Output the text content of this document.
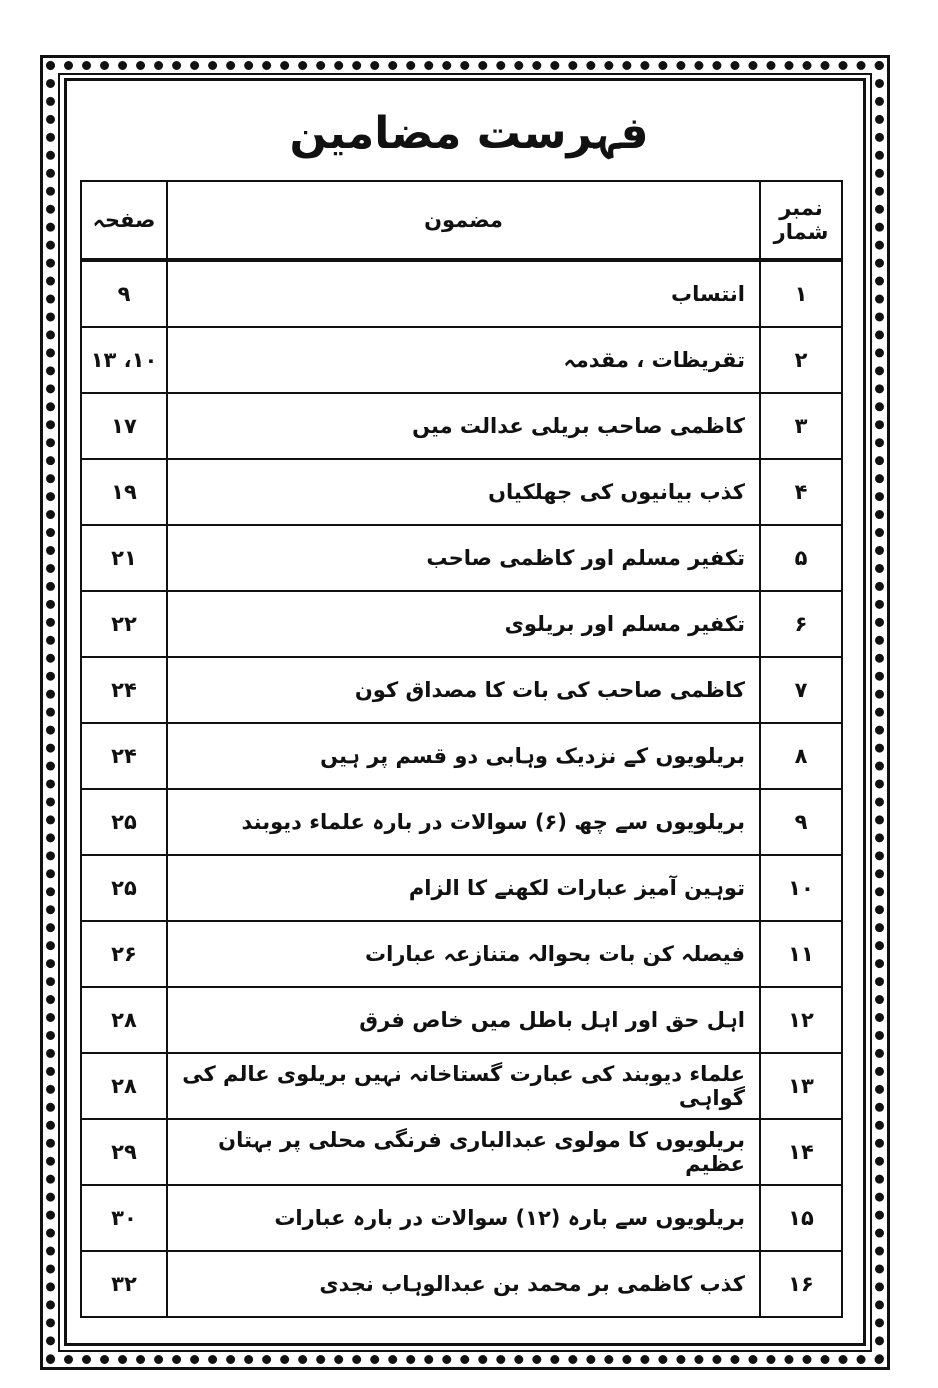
فہرست مضامین
نمبر شمار	مضمون	صفحہ
۱	انتساب	۹
۲	تقریظات ، مقدمہ	۱۰، ۱۳
۳	کاظمی صاحب بریلی عدالت میں	۱۷
۴	کذب بیانیوں کی جھلکیاں	۱۹
۵	تکفیر مسلم اور کاظمی صاحب	۲۱
۶	تکفیر مسلم اور بریلوی	۲۲
۷	کاظمی صاحب کی بات کا مصداق کون	۲۴
۸	بریلویوں کے نزدیک وہابی دو قسم پر ہیں	۲۴
۹	بریلویوں سے چھ (۶) سوالات در بارہ علماء دیوبند	۲۵
۱۰	توہین آمیز عبارات لکھنے کا الزام	۲۵
۱۱	فیصلہ کن بات بحوالہ متنازعہ عبارات	۲۶
۱۲	اہل حق اور اہل باطل میں خاص فرق	۲۸
۱۳	علماء دیوبند کی عبارت گستاخانہ نہیں بریلوی عالم کی گواہی	۲۸
۱۴	بریلویوں کا مولوی عبدالباری فرنگی محلی پر بہتان عظیم	۲۹
۱۵	بریلویوں سے بارہ (۱۲) سوالات در بارہ عبارات	۳۰
۱۶	کذب کاظمی بر محمد بن عبدالوہاب نجدی	۳۲
